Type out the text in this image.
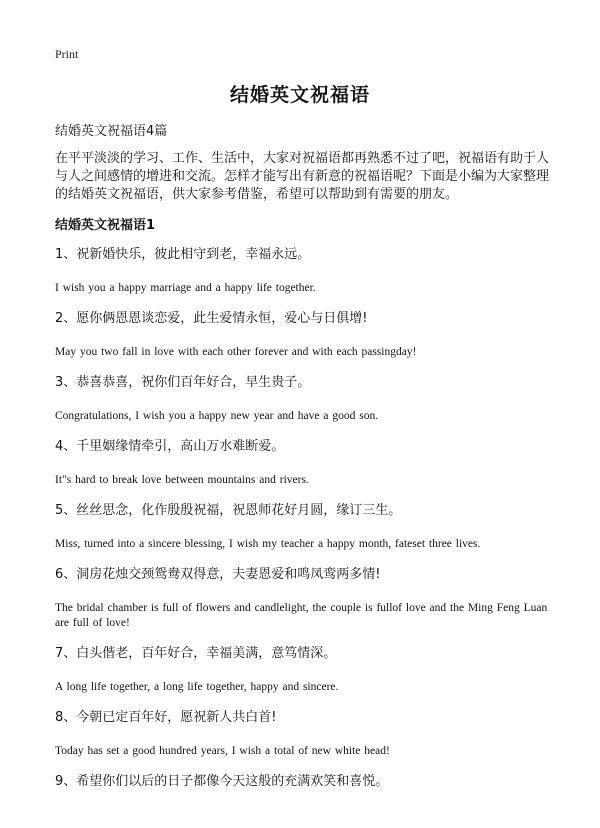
Print
结婚英文祝福语
结婚英文祝福语4篇
在平平淡淡的学习、工作、生活中，大家对祝福语都再熟悉不过了吧，祝福语有助于人与人之间感情的增进和交流。怎样才能写出有新意的祝福语呢？下面是小编为大家整理的结婚英文祝福语，供大家参考借鉴，希望可以帮助到有需要的朋友。
结婚英文祝福语1

1、祝新婚快乐，彼此相守到老，幸福永远。

I wish you a happy marriage and a happy life together.

2、愿你俩恩恩谈恋爱，此生爱情永恒，爱心与日俱增!

May you two fall in love with each other forever and with each passingday!

3、恭喜恭喜，祝你们百年好合，早生贵子。

Congratulations, I wish you a happy new year and have a good son.

4、千里姻缘情牵引，高山万水难断爱。

It"s hard to break love between mountains and rivers.

5、丝丝思念，化作殷殷祝福，祝恩师花好月圆，缘订三生。

Miss, turned into a sincere blessing, I wish my teacher a happy month, fateset three lives.

6、洞房花烛交颈鸳鸯双得意，夫妻恩爱和鸣凤鸾两多情!

The bridal chamber is full of flowers and candlelight, the couple is fullof love and the Ming Feng Luan are full of love!

7、白头偕老，百年好合，幸福美满，意笃情深。

A long life together, a long life together, happy and sincere.

8、今朝已定百年好，愿祝新人共白首!

Today has set a good hundred years, I wish a total of new white head!

9、希望你们以后的日子都像今天这般的充满欢笑和喜悦。
